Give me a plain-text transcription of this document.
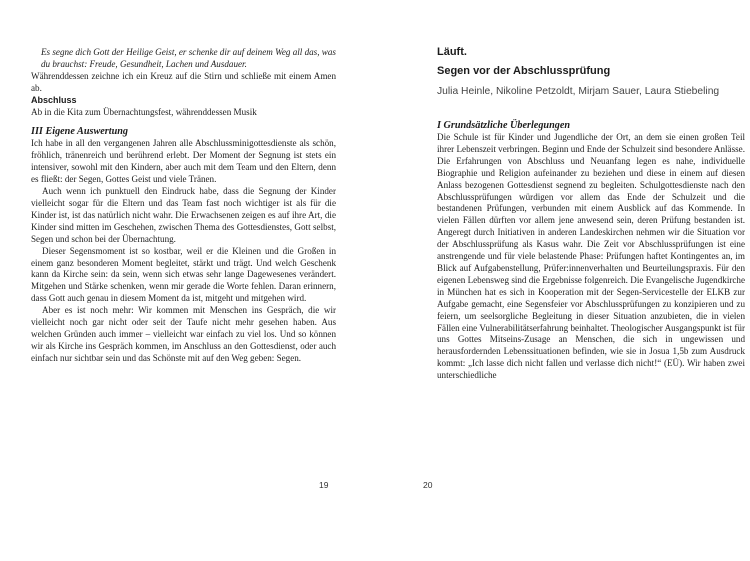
Es segne dich Gott der Heilige Geist, er schenke dir auf deinem Weg all das, was du brauchst: Freude, Gesundheit, Lachen und Ausdauer.

Währenddessen zeichne ich ein Kreuz auf die Stirn und schließe mit einem Amen ab.

Abschluss

Ab in die Kita zum Übernachtungsfest, währenddessen Musik

III Eigene Auswertung

Ich habe in all den vergangenen Jahren alle Abschlussminigottesdienste als schön, fröhlich, tränenreich und berührend erlebt. Der Moment der Segnung ist stets ein intensiver, sowohl mit den Kindern, aber auch mit dem Team und den Eltern, denn es fließt: der Segen, Gottes Geist und viele Tränen.

Auch wenn ich punktuell den Eindruck habe, dass die Segnung der Kinder vielleicht sogar für die Eltern und das Team fast noch wichtiger ist als für die Kinder ist, ist das natürlich nicht wahr. Die Erwachsenen zeigen es auf ihre Art, die Kinder sind mitten im Geschehen, zwischen Thema des Gottesdienstes, Gott selbst, Segen und schon bei der Übernachtung.

Dieser Segensmoment ist so kostbar, weil er die Kleinen und die Großen in einem ganz besonderen Moment begleitet, stärkt und trägt. Und welch Geschenk kann da Kirche sein: da sein, wenn sich etwas sehr lange Dagewesenes verändert. Mitgehen und Stärke schenken, wenn mir gerade die Worte fehlen. Daran erinnern, dass Gott auch genau in diesem Moment da ist, mitgeht und mitgehen wird.

Aber es ist noch mehr: Wir kommen mit Menschen ins Gespräch, die wir vielleicht noch gar nicht oder seit der Taufe nicht mehr gesehen haben. Aus welchen Gründen auch immer – vielleicht war einfach zu viel los. Und so können wir als Kirche ins Gespräch kommen, im Anschluss an den Gottesdienst, oder auch einfach nur sichtbar sein und das Schönste mit auf den Weg geben: Segen.

19
Läuft.
Segen vor der Abschlussprüfung
Julia Heinle, Nikoline Petzoldt, Mirjam Sauer, Laura Stiebeling

I Grundsätzliche Überlegungen

Die Schule ist für Kinder und Jugendliche der Ort, an dem sie einen großen Teil ihrer Lebenszeit verbringen. Beginn und Ende der Schulzeit sind besondere Anlässe. Die Erfahrungen von Abschluss und Neuanfang legen es nahe, individuelle Biographie und Religion aufeinander zu beziehen und diese in einem auf diesen Anlass bezogenen Gottesdienst segnend zu begleiten. Schulgottesdienste nach den Abschlussprüfungen würdigen vor allem das Ende der Schulzeit und die bestandenen Prüfungen, verbunden mit einem Ausblick auf das Kommende. In vielen Fällen dürften vor allem jene anwesend sein, deren Prüfung bestanden ist. Angeregt durch Initiativen in anderen Landeskirchen nehmen wir die Situation vor der Abschlussprüfung als Kasus wahr. Die Zeit vor Abschlussprüfungen ist eine anstrengende und für viele belastende Phase: Prüfungen haftet Kontingentes an, im Blick auf Aufgabenstellung, Prüfer:innenverhalten und Beurteilungspraxis. Für den eigenen Lebensweg sind die Ergebnisse folgenreich. Die Evangelische Jugendkirche in München hat es sich in Kooperation mit der Segen-Servicestelle der ELKB zur Aufgabe gemacht, eine Segensfeier vor Abschlussprüfungen zu konzipieren und zu feiern, um seelsorgliche Begleitung in dieser Situation anzubieten, die in vielen Fällen eine Vulnerabilitätserfahrung beinhaltet. Theologischer Ausgangspunkt ist für uns Gottes Mitseins-Zusage an Menschen, die sich in ungewissen und herausfordernden Lebenssituationen befinden, wie sie in Josua 1,5b zum Ausdruck kommt: „Ich lasse dich nicht fallen und verlasse dich nicht!“ (EÜ). Wir haben zwei unterschiedliche

20
